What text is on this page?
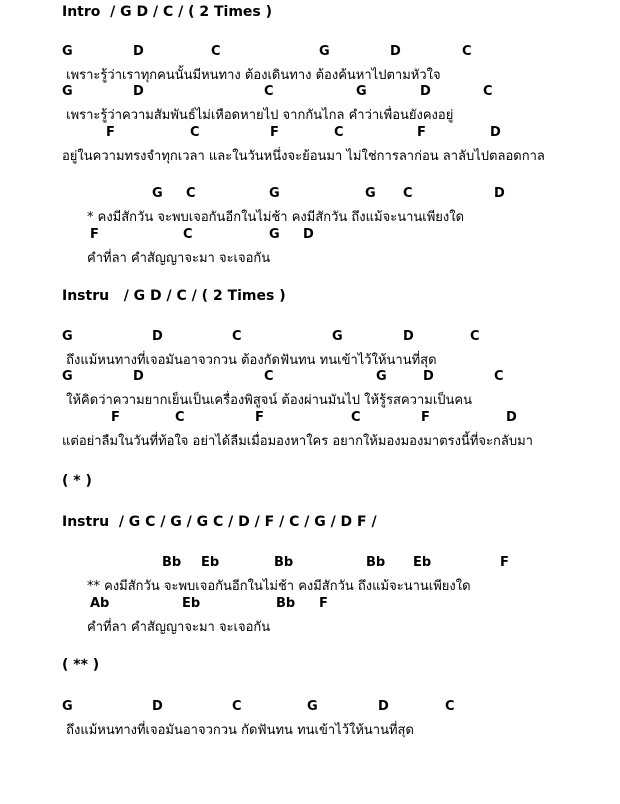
Intro  / G D / C / ( 2 Times )

G

	D

	C

	G

	D

	C

เพราะรู้ว่าเราทุกคนนั้นมีหนทาง ต้องเดินทาง ต้องค้นหาไปตามหัวใจ

G

	D

	C

	G

	D

	C

เพราะรู้ว่าความสัมพันธ์ไม่เหือดหายไป จากกันไกล คำว่าเพื่อนยังคงอยู่

F

	C

	F

	C

	F

	D

อยู่ในความทรงจำทุกเวลา และในวันหนึ่งจะย้อนมา ไม่ใช่การลาก่อน ลาลับไปตลอดกาล

G

C

	G

	G

C

	D

* คงมีสักวัน จะพบเจอกันอีกในไม่ช้า คงมีสักวัน ถึงแม้จะนานเพียงใด

F

	C

	G

D

คำที่ลา คำสัญญาจะมา จะเจอกัน
Instru   / G D / C / ( 2 Times )

G

	D

	C

	G

	D

	C

ถึงแม้หนทางที่เจอมันอาจวกวน ต้องกัดฟันทน ทนเข้าไว้ให้นานที่สุด

G

	D

	C

	G

	D

	C

ให้คิดว่าความยากเย็นเป็นเครื่องพิสูจน์ ต้องผ่านมันไป ให้รู้รสความเป็นคน

F

	C

	F

	C

	F

	D

แต่อย่าลืมในวันที่ท้อใจ อย่าได้ลืมเมื่อมองหาใคร อยากให้มองมองมาตรงนี้ที่จะกลับมา
( * )
Instru  / G C / G / G C / D / F / C / G / D F /

Bb

Eb

	Bb

	Bb

Eb

	F

** คงมีสักวัน จะพบเจอกันอีกในไม่ช้า คงมีสักวัน ถึงแม้จะนานเพียงใด

Ab

	Eb

	Bb

F

คำที่ลา คำสัญญาจะมา จะเจอกัน
( ** )

G

	D

	C

	G

	D

	C

ถึงแม้หนทางที่เจอมันอาจวกวน กัดฟันทน ทนเข้าไว้ให้นานที่สุด
